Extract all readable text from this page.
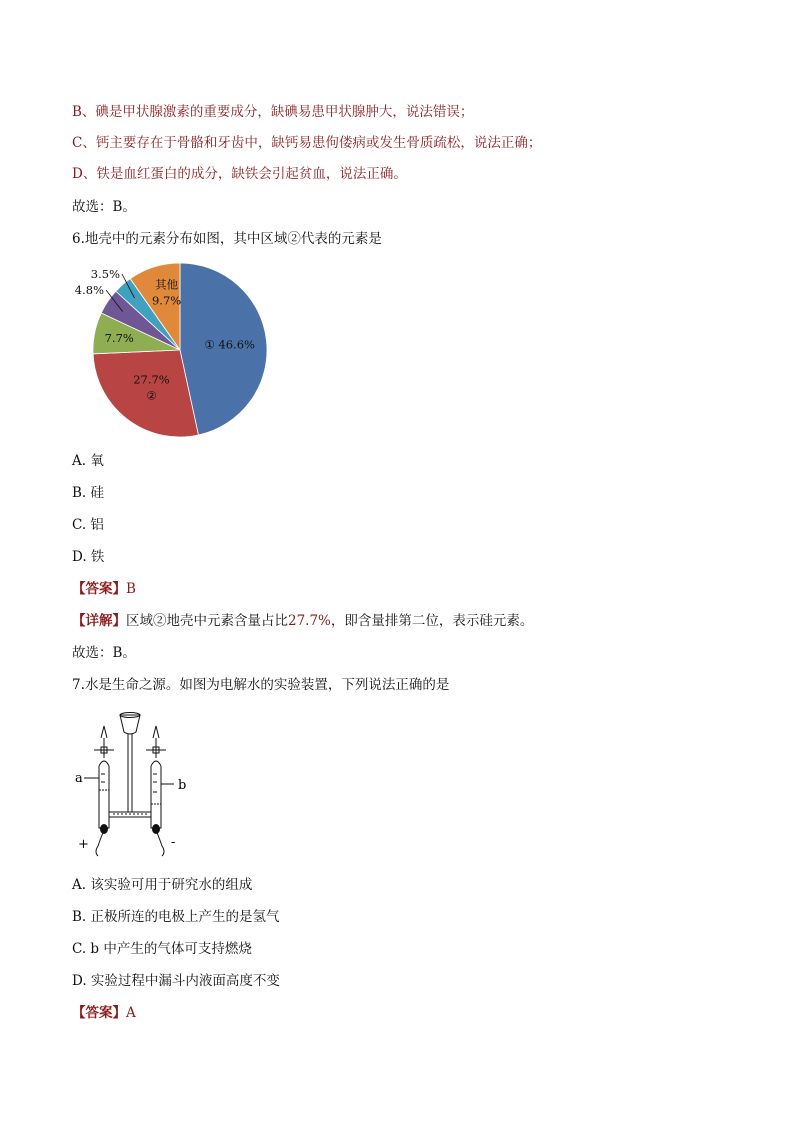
B、碘是甲状腺激素的重要成分，缺碘易患甲状腺肿大，说法错误；
C、钙主要存在于骨骼和牙齿中，缺钙易患佝偻病或发生骨质疏松，说法正确；
D、铁是血红蛋白的成分，缺铁会引起贫血，说法正确。
故选：B。
6.地壳中的元素分布如图，其中区域②代表的元素是
① 46.6%
27.7%
②
7.7%
其他
9.7%
4.8%
3.5%
A. 氧
B. 硅
C. 铝
D. 铁
【答案】B
【详解】区域②地壳中元素含量占比27.7%，即含量排第二位，表示硅元素。
故选：B。
7.水是生命之源。如图为电解水的实验装置，下列说法正确的是
a	b
+	-
A. 该实验可用于研究水的组成
B. 正极所连的电极上产生的是氢气
C. b 中产生的气体可支持燃烧
D. 实验过程中漏斗内液面高度不变
【答案】A
